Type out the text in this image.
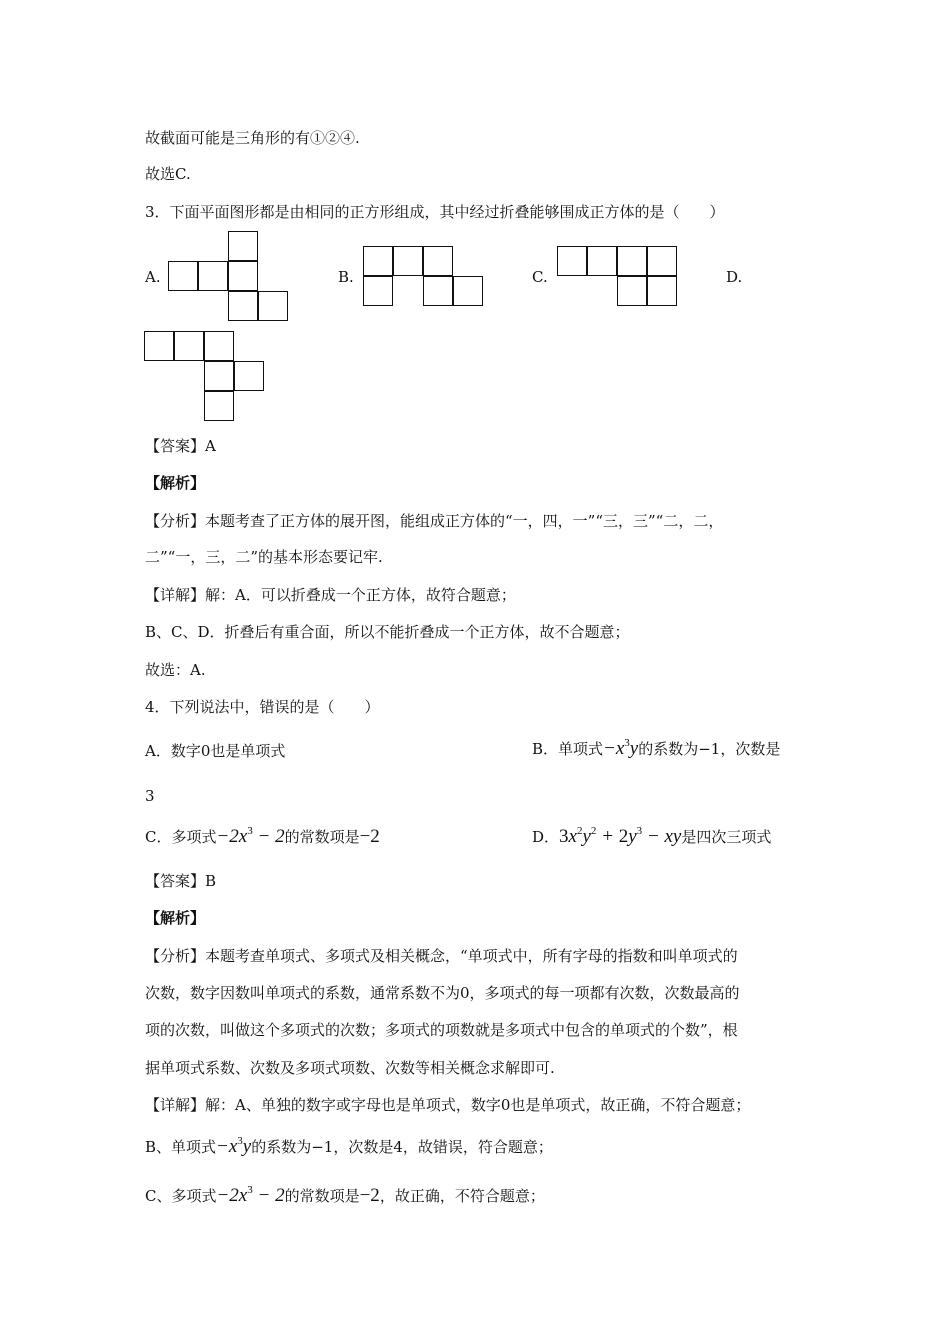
故截面可能是三角形的有①②④.
故选C.
3．下面平面图形都是由相同的正方形组成，其中经过折叠能够围成正方体的是（　　）
A.	B.	C.	D.
【答案】A
【解析】
【分析】本题考查了正方体的展开图，能组成正方体的“一，四，一”“三，三”“二，二，
二”“一，三，二”的基本形态要记牢.
【详解】解：A．可以折叠成一个正方体，故符合题意；
B、C、D．折叠后有重合面，所以不能折叠成一个正方体，故不合题意；
故选：A.
4．下列说法中，错误的是（　　）
A．数字0也是单项式	B．单项式$-x^3y$的系数为−1，次数是
3
C．多项式$-2x^3 - 2$的常数项是−2	D．$3x^2y^2 + 2y^3$ − xy是四次三项式
【答案】B
【解析】
【分析】本题考查单项式、多项式及相关概念，“单项式中，所有字母的指数和叫单项式的
次数，数字因数叫单项式的系数，通常系数不为0，多项式的每一项都有次数，次数最高的
项的次数，叫做这个多项式的次数；多项式的项数就是多项式中包含的单项式的个数”，根
据单项式系数、次数及多项式项数、次数等相关概念求解即可.
【详解】解：A、单独的数字或字母也是单项式，数字0也是单项式，故正确，不符合题意；
B、单项式$-x^3y$的系数为−1，次数是4，故错误，符合题意；
C、多项式$-2x^3 - 2$的常数项是−2，故正确，不符合题意；
